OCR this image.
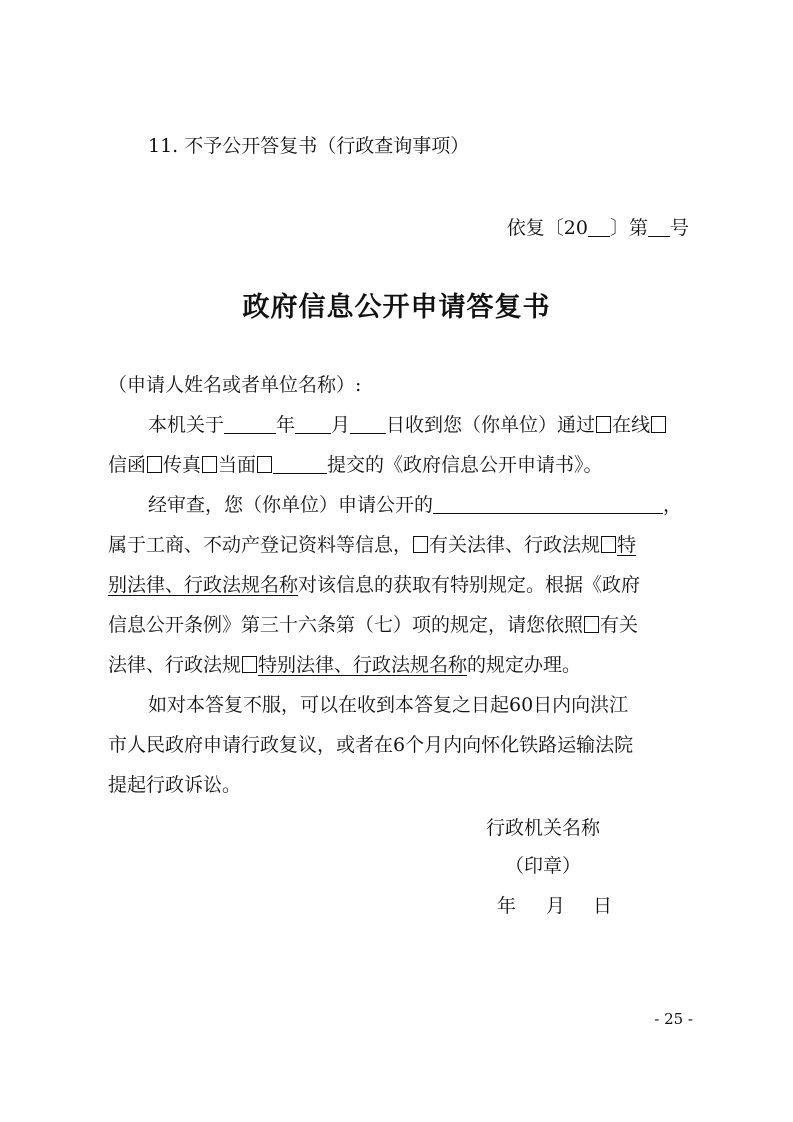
11. 不予公开答复书（行政查询事项）
依复〔20 〕第 号
政府信息公开申请答复书
（申请人姓名或者单位名称）:
本机关于	年 月 日收到您（你单位）通过 在线
信函 传真 当面	提交的《政府信息公开申请书》。
经审查，您（你单位）申请公开的	，
属于工商、不动产登记资料等信息， 有关法律、行政法规 特
别法律、行政法规名称对该信息的获取有特别规定。根据《政府
信息公开条例》第三十六条第（七）项的规定，请您依照 有关
法律、行政法规 特别法律、行政法规名称的规定办理。
如对本答复不服，可以在收到本答复之日起60日内向洪江
市人民政府申请行政复议，或者在6个月内向怀化铁路运输法院
提起行政诉讼。
行政机关名称
（印章）
年 月 日
- 25 -
